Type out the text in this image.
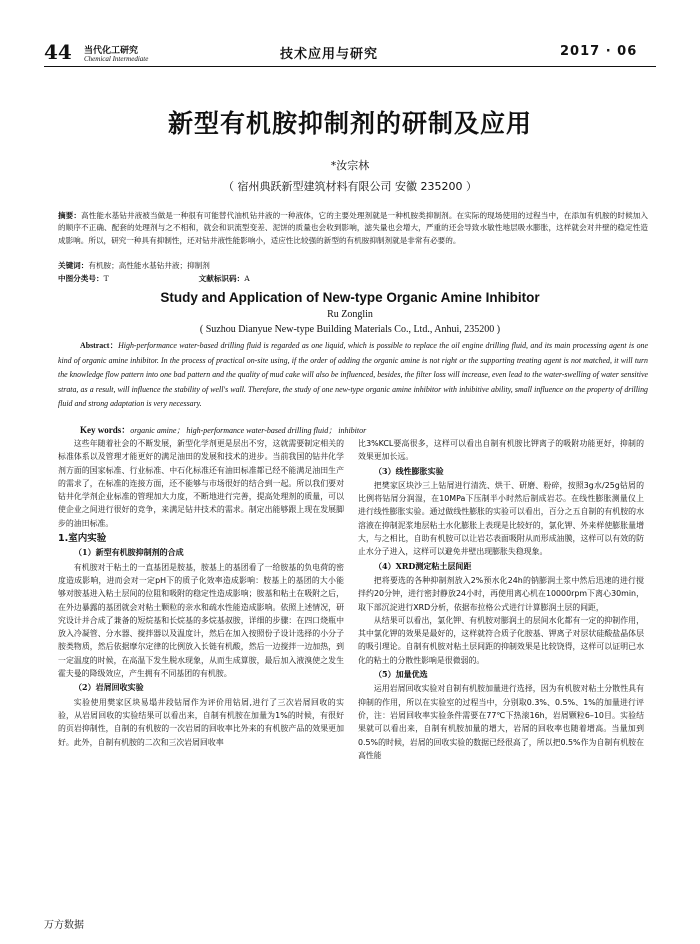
44 当代化工研究
Chemical Intermediate	技术应用与研究	2017 · 06
新型有机胺抑制剂的研制及应用
*汝宗林
（ 宿州典跃新型建筑材料有限公司 安徽 235200 ）
摘要：高性能水基钻井液被当做是一种很有可能替代油机钻井液的一种液体，它的主要处理剂就是一种机胺类抑制剂。在实际的现场使用的过程当中，在添加有机胺的时候加入的顺序不正确、配套的处理剂与之不相和，就会和识流型变差、泥饼的质量也会收到影响，滤失量也会增大，严重的还会导致水敏性地层吸水膨胀，这样就会对井壁的稳定性造成影响。所以，研究一种具有抑制性，还对钻井液性能影响小，适应性比较强的新型的有机胺抑制剂就是非常有必要的。
关键词：有机胺；高性能水基钻井液；抑制剂
中图分类号：T	文献标识码：A
Study and Application of New-type Organic Amine Inhibitor
Ru Zonglin
( Suzhou Dianyue New-type Building Materials Co., Ltd., Anhui, 235200 )
Abstract：High-performance water-based drilling fluid is regarded as one liquid, which is possible to replace the oil engine drilling fluid, and its main processing agent is one kind of organic amine inhibitor. In the process of practical on-site using, if the order of adding the organic amine is not right or the supporting treating agent is not matched, it will turn the knowledge flow pattern into one bad pattern and the quality of mud cake will also be influenced, besides, the filter loss will increase, even lead to the water-swelling of water sensitive strata, as a result, will influence the stability of well's wall. Therefore, the study of one new-type organic amine inhibitor with inhibitive ability, small influence on the property of drilling fluid and strong adaptation is very necessary.
Key words：organic amine； high-performance water-based drilling fluid； inhibitor

这些年随着社会的不断发展，新型化学剂更是层出不穷，这就需要制定相关的标准体系以及管理才能更好的满足油田的发展和技术的进步。当前我国的钻井化学剂方面的国家标准、行业标准、中石化标准还有油田标准都已经不能满足油田生产的需求了，在标准的连接方面，还不能够与市场很好的结合到一起。所以我们要对钻井化学剂企业标准的管理加大力度，不断地进行完善，提高处理剂的质量，可以使企业之间进行很好的竞争，来满足钻井技术的需求。制定出能够跟上现在发展脚步的油田标准。

1.室内实验
（1）新型有机胺抑制剂的合成

有机胺对于粘土的一直基团是胺基，胺基上的基团看了一给胺基的负电荷的密度造成影响，进而会对一定pH下的质子化效率造成影响：胺基上的基团的大小能够对胺基进入粘土层间的位阻和吸附的稳定性造成影响；胺基和粘土在吸附之后，在外边暴露的基团就会对粘土颗粒的亲水和疏水性能造成影响。依照上述情况，研究设计并合成了兼备的短烷基和长烷基的多烷基叔胺，详细的步骤：在四口烧瓶中放入冷凝管、分水器、搅拌器以及温度计，然后在加入按照份子设计选择的小分子胺类物质，然后依据摩尔定律的比例放入长链有机酸，然后一边搅拌一边加热，到一定温度的时候，在高温下发生脱水现象，从而生成算胺，最后加入液溴使之发生霍夫曼的降级效应，产生拥有不同基团的有机胺。

（2）岩屑回收实验

实验使用樊家区块易塌井段钻屑作为评价用钻屑,进行了三次岩屑回收的实验，从岩屑回收的实验结果可以看出来，自制有机胺在加量为1%的时候，有很好的页岩抑制性，自制的有机胺的一次岩屑的回收率比外来的有机胺产品的效果更加好。此外，自制有机胺的二次和三次岩屑回收率

比3%KCL要高很多，这样可以看出自制有机胺比钾离子的吸附功能更好，抑制的效果更加长远。

（3）线性膨胀实验

把樊家区块沙三上钻屑进行清洗、烘干、研磨、粉碎，按照3g水/25g钻屑的比例将钻屑分润湿，在10MPa下压制半小时然后制成岩芯。在线性膨胀测量仪上进行线性膨胀实验。通过做线性膨胀的实验可以看出，百分之五自制的有机胺的水溶液在抑制泥浆地层粘土水化膨胀上表现是比较好的，氯化钾、外来样使膨胀量增大，与之相比，自助有机胺可以让岩芯表面吸附从而形成油膜，这样可以有效的防止水分子进入，这样可以避免井壁出现膨胀失稳现象。

（4）XRD测定粘土层间距

把将要选的各种抑制剂放入2%预水化24h的钠膨润土浆中然后迅速的进行搅拌约20分钟，进行密封静放24小时，再使用离心机在10000rpm下离心30min，取下部沉淀进行XRD分析，依据布拉格公式进行计算膨润土层的间距，

从结果可以看出，氯化钾、有机胺对膨润土的层间水化都有一定的抑制作用，其中氯化钾的效果是最好的，这样就符合质子化胺基、钾离子对层状硅酸盐晶体层的吸引理论。自制有机胺对粘土层间距的抑制效果是比较饶得，这样可以证明已水化的粘土的分散性影响是很微弱的。

（5）加量优选

运用岩屑回收实验对自制有机胺加量进行选择，因为有机胺对粘土分散性具有抑制的作用，所以在实验室的过程当中，分别取0.3%、0.5%、1%的加量进行评价，注：岩屑回收率实验条件需要在77℃下热滚16h，岩屑颗粒6–10目。实验结果就可以看出来，自制有机胺加量的增大，岩屑的回收率也随着增高。当量加到0.5%的时候，岩屑的回收实验的数据已经很高了，所以把0.5%作为自制有机胺在高性能

万方数据
